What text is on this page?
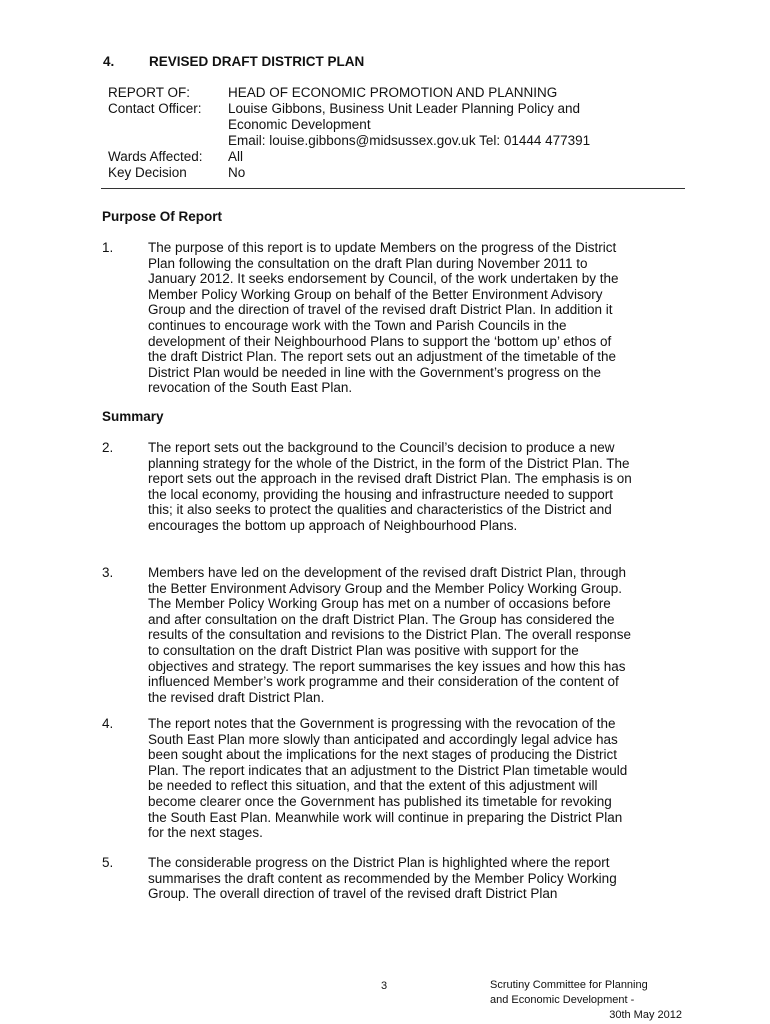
4.	REVISED DRAFT DISTRICT PLAN
REPORT OF:	HEAD OF ECONOMIC PROMOTION AND PLANNING
Contact Officer:	Louise Gibbons, Business Unit Leader Planning Policy and
Economic Development
Email: louise.gibbons@midsussex.gov.uk Tel: 01444 477391
Wards Affected:	All
Key Decision	No
Purpose Of Report
1.	The purpose of this report is to update Members on the progress of the District Plan following the consultation on the draft Plan during November 2011 to January 2012. It seeks endorsement by Council, of the work undertaken by the Member Policy Working Group on behalf of the Better Environment Advisory Group and the direction of travel of the revised draft District Plan. In addition it continues to encourage work with the Town and Parish Councils in the development of their Neighbourhood Plans to support the ‘bottom up’ ethos of the draft District Plan. The report sets out an adjustment of the timetable of the District Plan would be needed in line with the Government’s progress on the revocation of the South East Plan.
Summary
2.	The report sets out the background to the Council’s decision to produce a new planning strategy for the whole of the District, in the form of the District Plan. The report sets out the approach in the revised draft District Plan. The emphasis is on the local economy, providing the housing and infrastructure needed to support this; it also seeks to protect the qualities and characteristics of the District and encourages the bottom up approach of Neighbourhood Plans.
3.	Members have led on the development of the revised draft District Plan, through the Better Environment Advisory Group and the Member Policy Working Group. The Member Policy Working Group has met on a number of occasions before and after consultation on the draft District Plan. The Group has considered the results of the consultation and revisions to the District Plan. The overall response to consultation on the draft District Plan was positive with support for the objectives and strategy. The report summarises the key issues and how this has influenced Member’s work programme and their consideration of the content of the revised draft District Plan.
4.	The report notes that the Government is progressing with the revocation of the South East Plan more slowly than anticipated and accordingly legal advice has been sought about the implications for the next stages of producing the District Plan. The report indicates that an adjustment to the District Plan timetable would be needed to reflect this situation, and that the extent of this adjustment will become clearer once the Government has published its timetable for revoking the South East Plan. Meanwhile work will continue in preparing the District Plan for the next stages.
5.	The considerable progress on the District Plan is highlighted where the report summarises the draft content as recommended by the Member Policy Working Group. The overall direction of travel of the revised draft District Plan
3	Scrutiny Committee for Planning
and Economic Development -
30th May 2012
